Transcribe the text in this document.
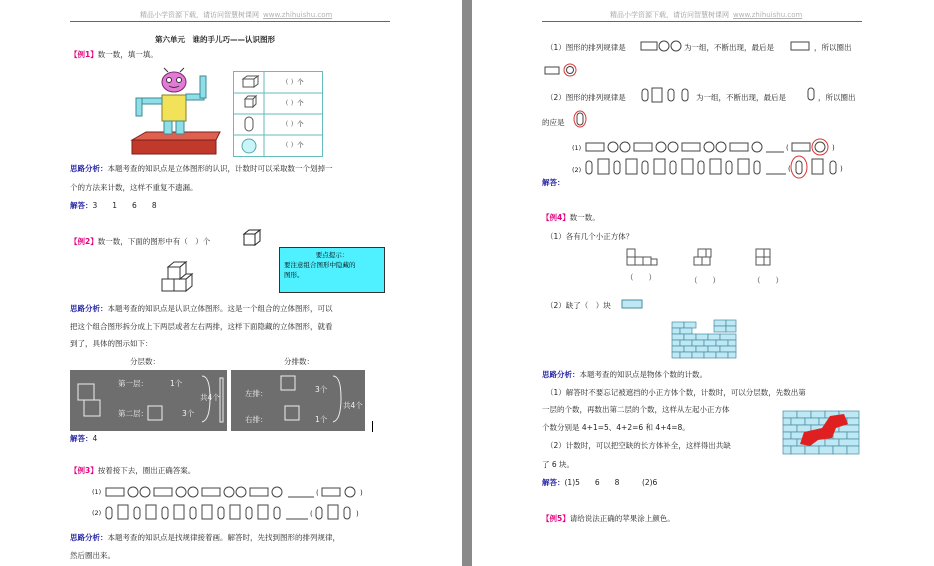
精品小学资源下载，请访问智慧树课网 www.zhihuishu.com
第六单元　谁的手儿巧——认识图形
【例1】数一数，填一填。
（ ）个
（ ）个
（ ）个
（ ）个
思路分析：本题考查的知识点是立体图形的认识，计数时可以采取数一个划掉一
个的方法来计数，这样不重复不遗漏。
解答：3　　1　　6　　8
【例2】数一数，下面的图形中有（　）个
要点提示：
要注意组合图形中隐藏的
图形。
思路分析：本题考查的知识点是认识立体图形。这是一个组合的立体图形，可以
把这个组合图形拆分成上下两层或者左右两排，这样下面隐藏的立体图形，就看
到了，具体的图示如下：
分层数：	分排数：
第一层：	1个
第二层：	3个
共4个	左排：	3个
右排：	1个
共4个
解答：4
【例3】按着接下去，圈出正确答案。
(1)	(	)
(2)	(	)
思路分析：本题考查的知识点是找规律接着画。解答时，先找到图形的排列规律，
然后圈出来。
精品小学资源下载，请访问智慧树课网 www.zhihuishu.com
（1）图形的排列规律是	为一组，不断出现，最后是	，所以圈出
（2）图形的排列规律是	为一组，不断出现，最后是	，所以圈出
的应是
(1)	(	)
(2)	(	)
解答：
【例4】数一数。
（1）各有几个小正方体？
（　　）	（　　）	（　　）
（2）缺了（　）块
思路分析：本题考查的知识点是物体个数的计数。
（1）解答时不要忘记被遮挡的小正方体个数，计数时，可以分层数，先数出第
一层的个数，再数出第二层的个数，这样从左起小正方体
个数分别是 4+1=5、4+2=6 和 4+4=8。
（2）计数时，可以把空缺的长方体补全，这样得出共缺
了 6 块。
解答：(1)5　　6　　8　　　(2)6
【例5】请给说法正确的苹果涂上颜色。
